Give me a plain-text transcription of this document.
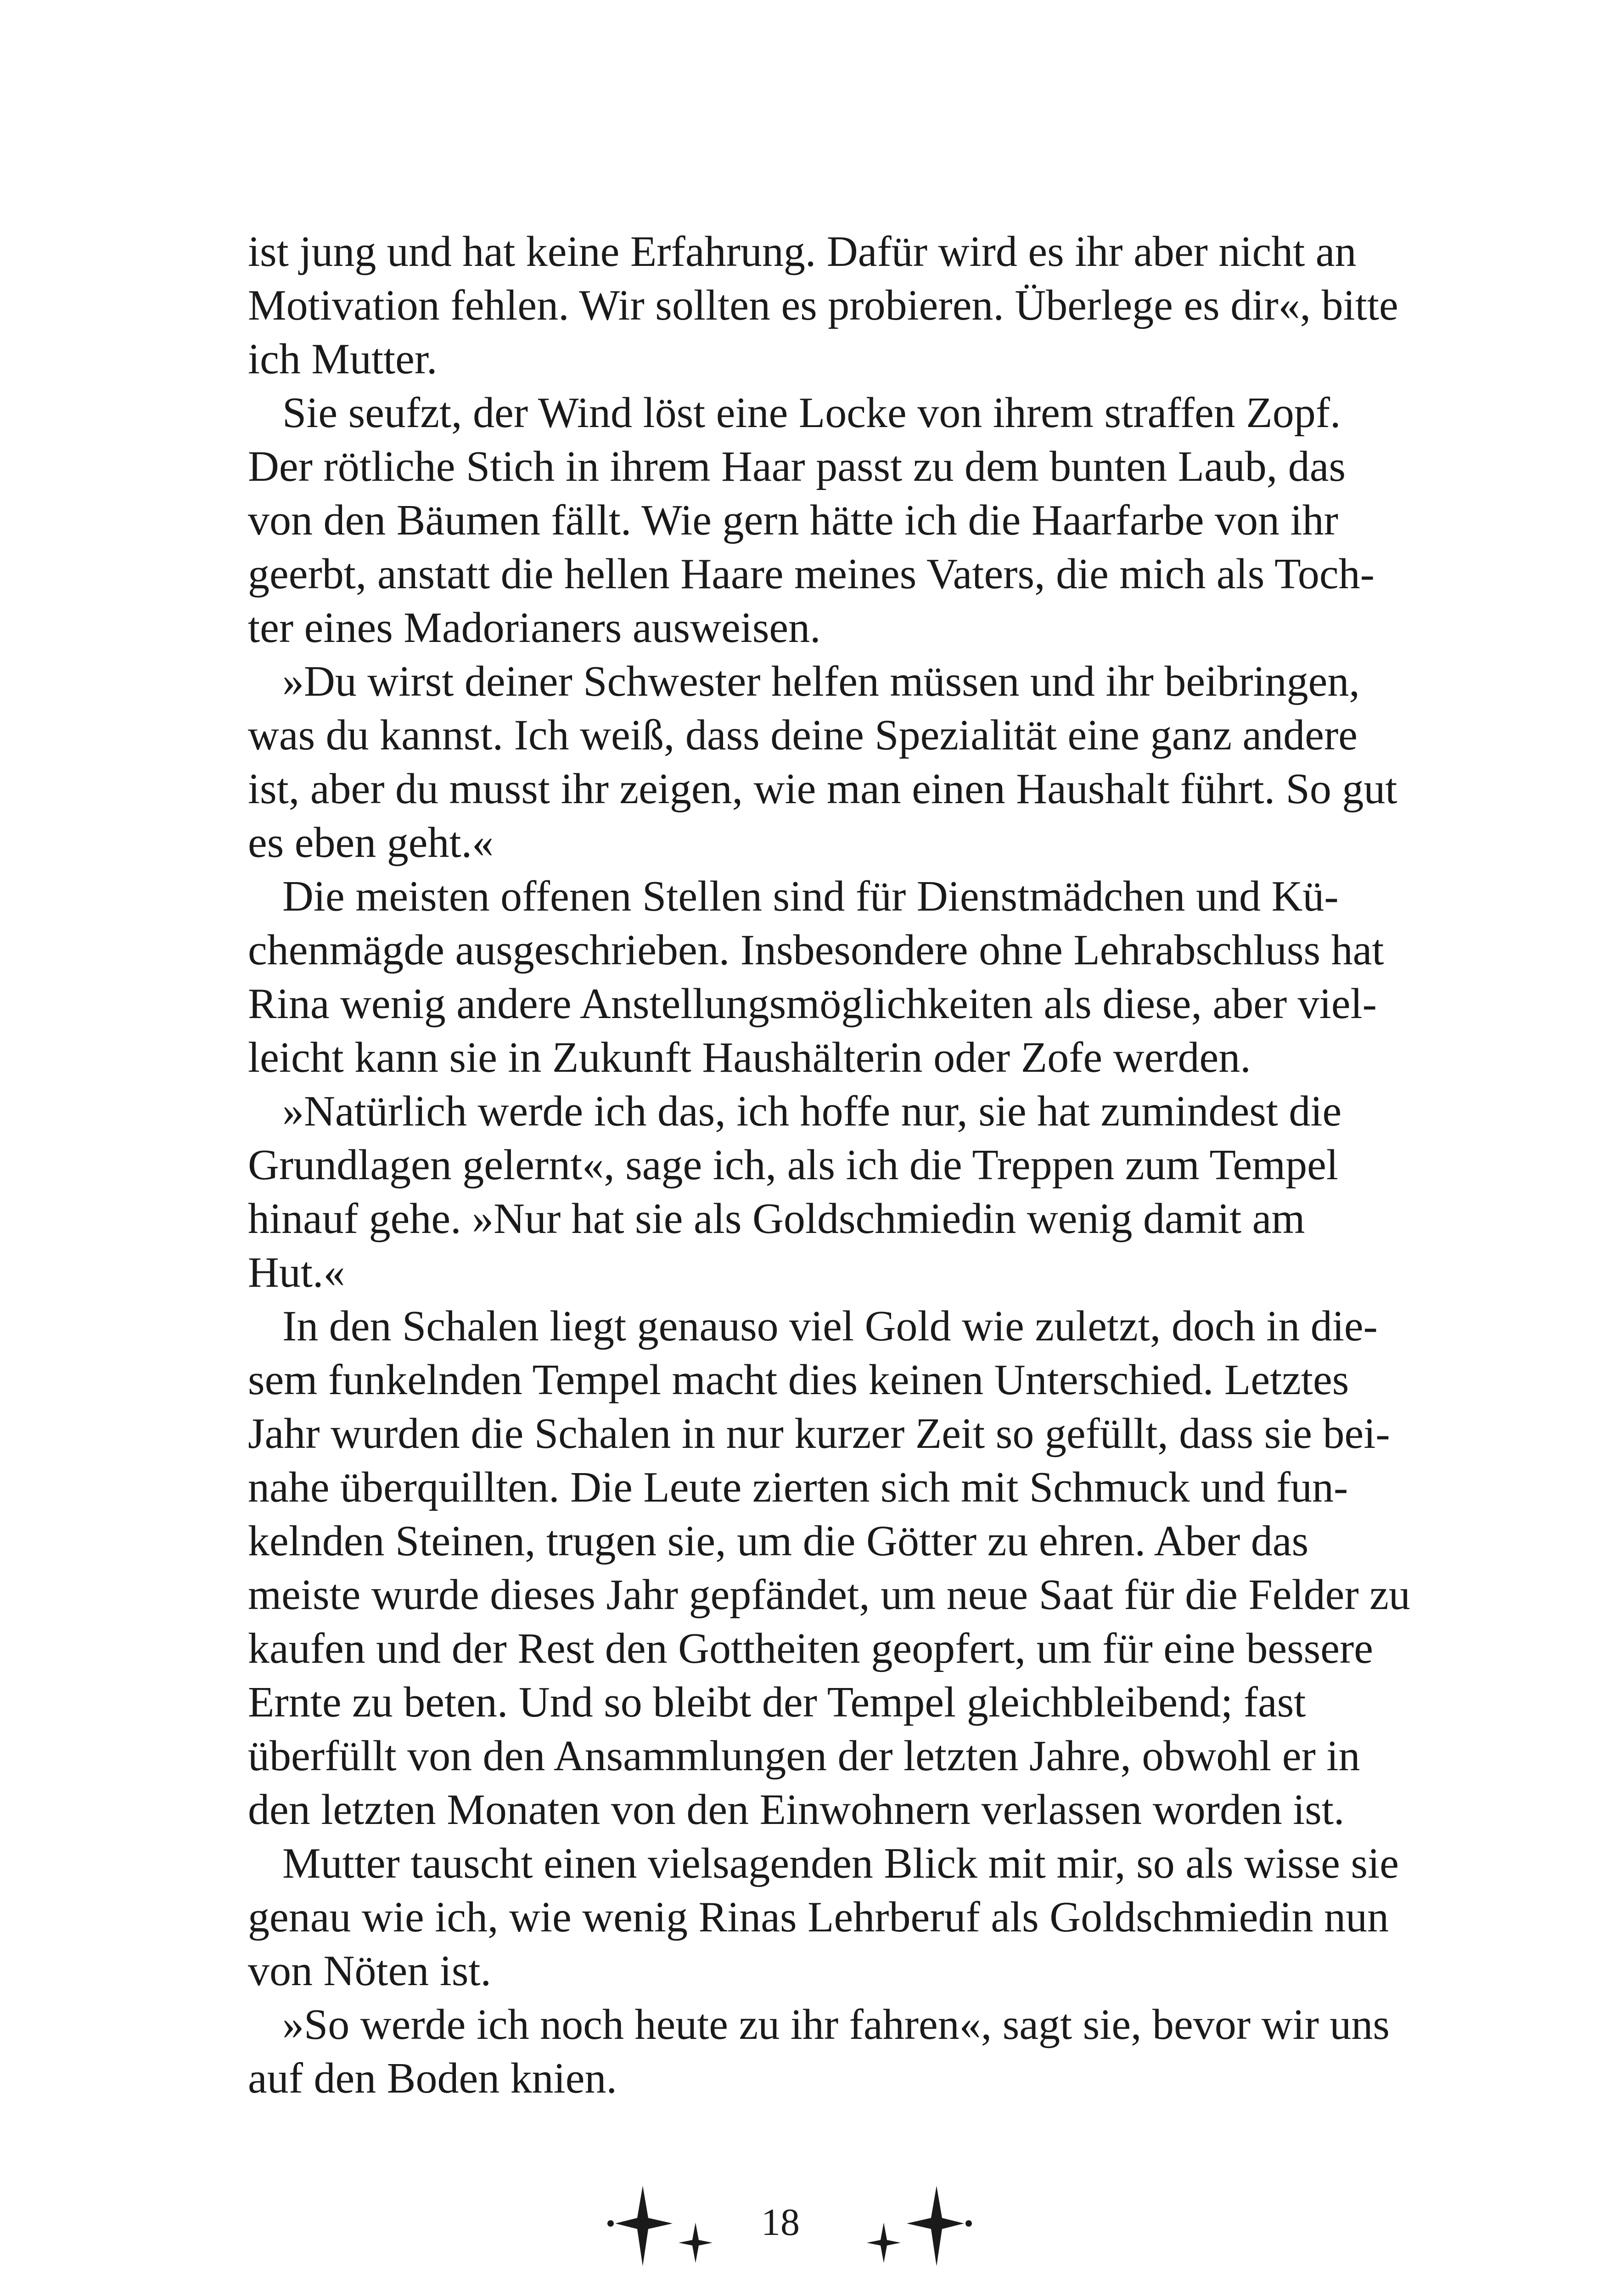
ist jung und hat keine Erfahrung. Dafür wird es ihr aber nicht an
Motivation fehlen. Wir sollten es probieren. Überlege es dir«, bitte
ich Mutter.
Sie seufzt, der Wind löst eine Locke von ihrem straffen Zopf.
Der rötliche Stich in ihrem Haar passt zu dem bunten Laub, das
von den Bäumen fällt. Wie gern hätte ich die Haarfarbe von ihr
geerbt, anstatt die hellen Haare meines Vaters, die mich als Toch-
ter eines Madorianers ausweisen.
»Du wirst deiner Schwester helfen müssen und ihr beibringen,
was du kannst. Ich weiß, dass deine Spezialität eine ganz andere
ist, aber du musst ihr zeigen, wie man einen Haushalt führt. So gut
es eben geht.«
Die meisten offenen Stellen sind für Dienstmädchen und Kü-
chenmägde ausgeschrieben. Insbesondere ohne Lehrabschluss hat
Rina wenig andere Anstellungsmöglichkeiten als diese, aber viel-
leicht kann sie in Zukunft Haushälterin oder Zofe werden.
»Natürlich werde ich das, ich hoffe nur, sie hat zumindest die
Grundlagen gelernt«, sage ich, als ich die Treppen zum Tempel
hinauf gehe. »Nur hat sie als Goldschmiedin wenig damit am
Hut.«
In den Schalen liegt genauso viel Gold wie zuletzt, doch in die-
sem funkelnden Tempel macht dies keinen Unterschied. Letztes
Jahr wurden die Schalen in nur kurzer Zeit so gefüllt, dass sie bei-
nahe überquillten. Die Leute zierten sich mit Schmuck und fun-
kelnden Steinen, trugen sie, um die Götter zu ehren. Aber das
meiste wurde dieses Jahr gepfändet, um neue Saat für die Felder zu
kaufen und der Rest den Gottheiten geopfert, um für eine bessere
Ernte zu beten. Und so bleibt der Tempel gleichbleibend; fast
überfüllt von den Ansammlungen der letzten Jahre, obwohl er in
den letzten Monaten von den Einwohnern verlassen worden ist.
Mutter tauscht einen vielsagenden Blick mit mir, so als wisse sie
genau wie ich, wie wenig Rinas Lehrberuf als Goldschmiedin nun
von Nöten ist.
»So werde ich noch heute zu ihr fahren«, sagt sie, bevor wir uns
auf den Boden knien.
18
